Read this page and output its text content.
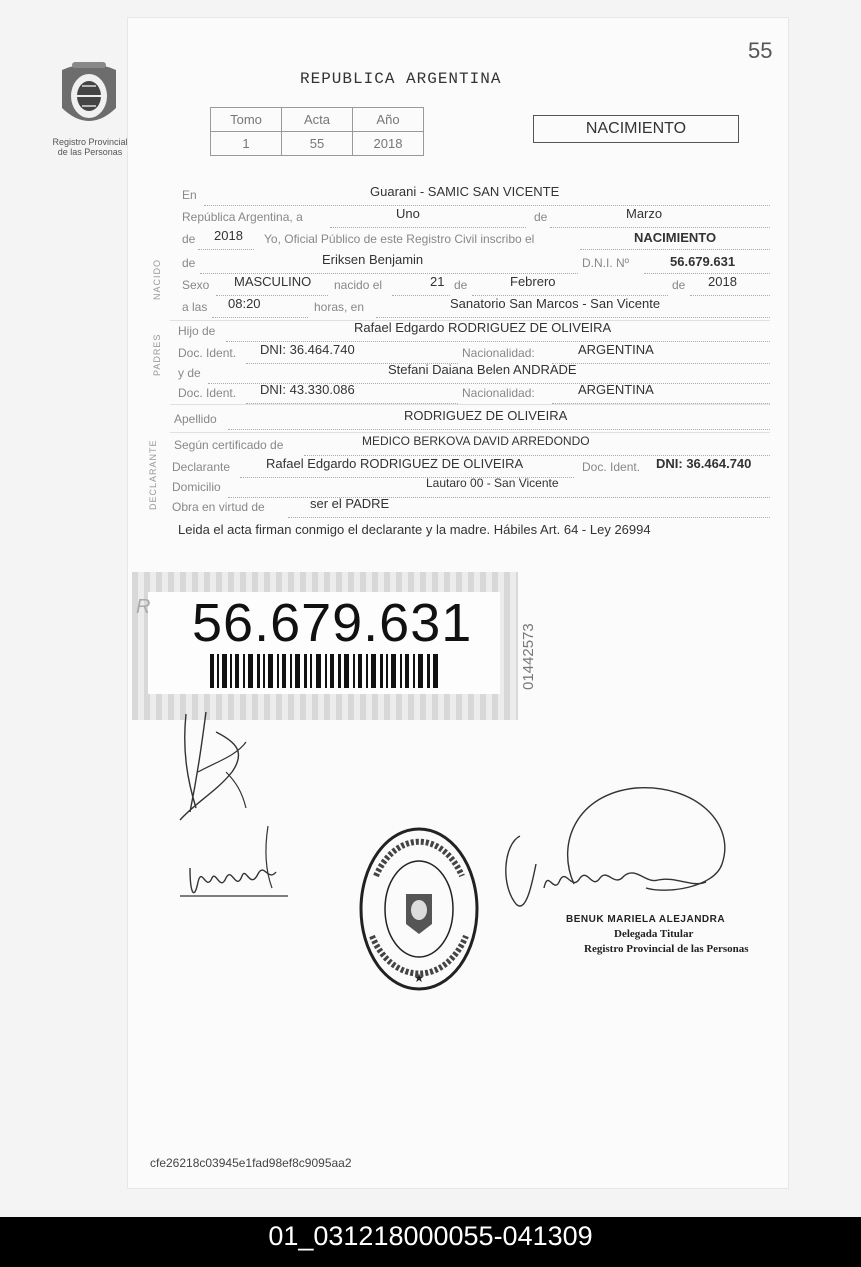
55
Registro Provincial
de las Personas
REPUBLICA ARGENTINA
Tomo	Acta	Año
1	55	2018
NACIMIENTO
En	Guarani - SAMIC SAN VICENTE
República Argentina, a	Uno	de	Marzo
de 2018 Yo, Oficial Público de este Registro Civil inscribo el	NACIMIENTO
NACIDO de	Eriksen Benjamin	D.N.I. Nº	56.679.631
Sexo MASCULINO nacido el	21 de	Febrero	de 2018
a las 08:20	horas, en	Sanatorio San Marcos - San Vicente
PADRES
Hijo de	Rafael Edgardo RODRIGUEZ DE OLIVEIRA
Doc. Ident. DNI: 36.464.740	Nacionalidad:	ARGENTINA
y de	Stefani Daiana Belen ANDRADE
Doc. Ident. DNI: 43.330.086	Nacionalidad:	ARGENTINA
Apellido	RODRIGUEZ DE OLIVEIRA
DECLARANTE Según certificado de	MEDICO BERKOVA DAVID ARREDONDO
Declarante	Rafael Edgardo RODRIGUEZ DE OLIVEIRA	Doc. Ident. DNI: 36.464.740
Domicilio	Lautaro 00 - San Vicente
Obra en virtud de	ser el PADRE
Leida el acta firman conmigo el declarante y la madre. Hábiles Art. 64 - Ley 26994
R 56.679.631
01442573
★
BENUK MARIELA ALEJANDRA
Delegada Titular
Registro Provincial de las Personas
cfe26218c03945e1fad98ef8c9095aa2
01_031218000055-041309
